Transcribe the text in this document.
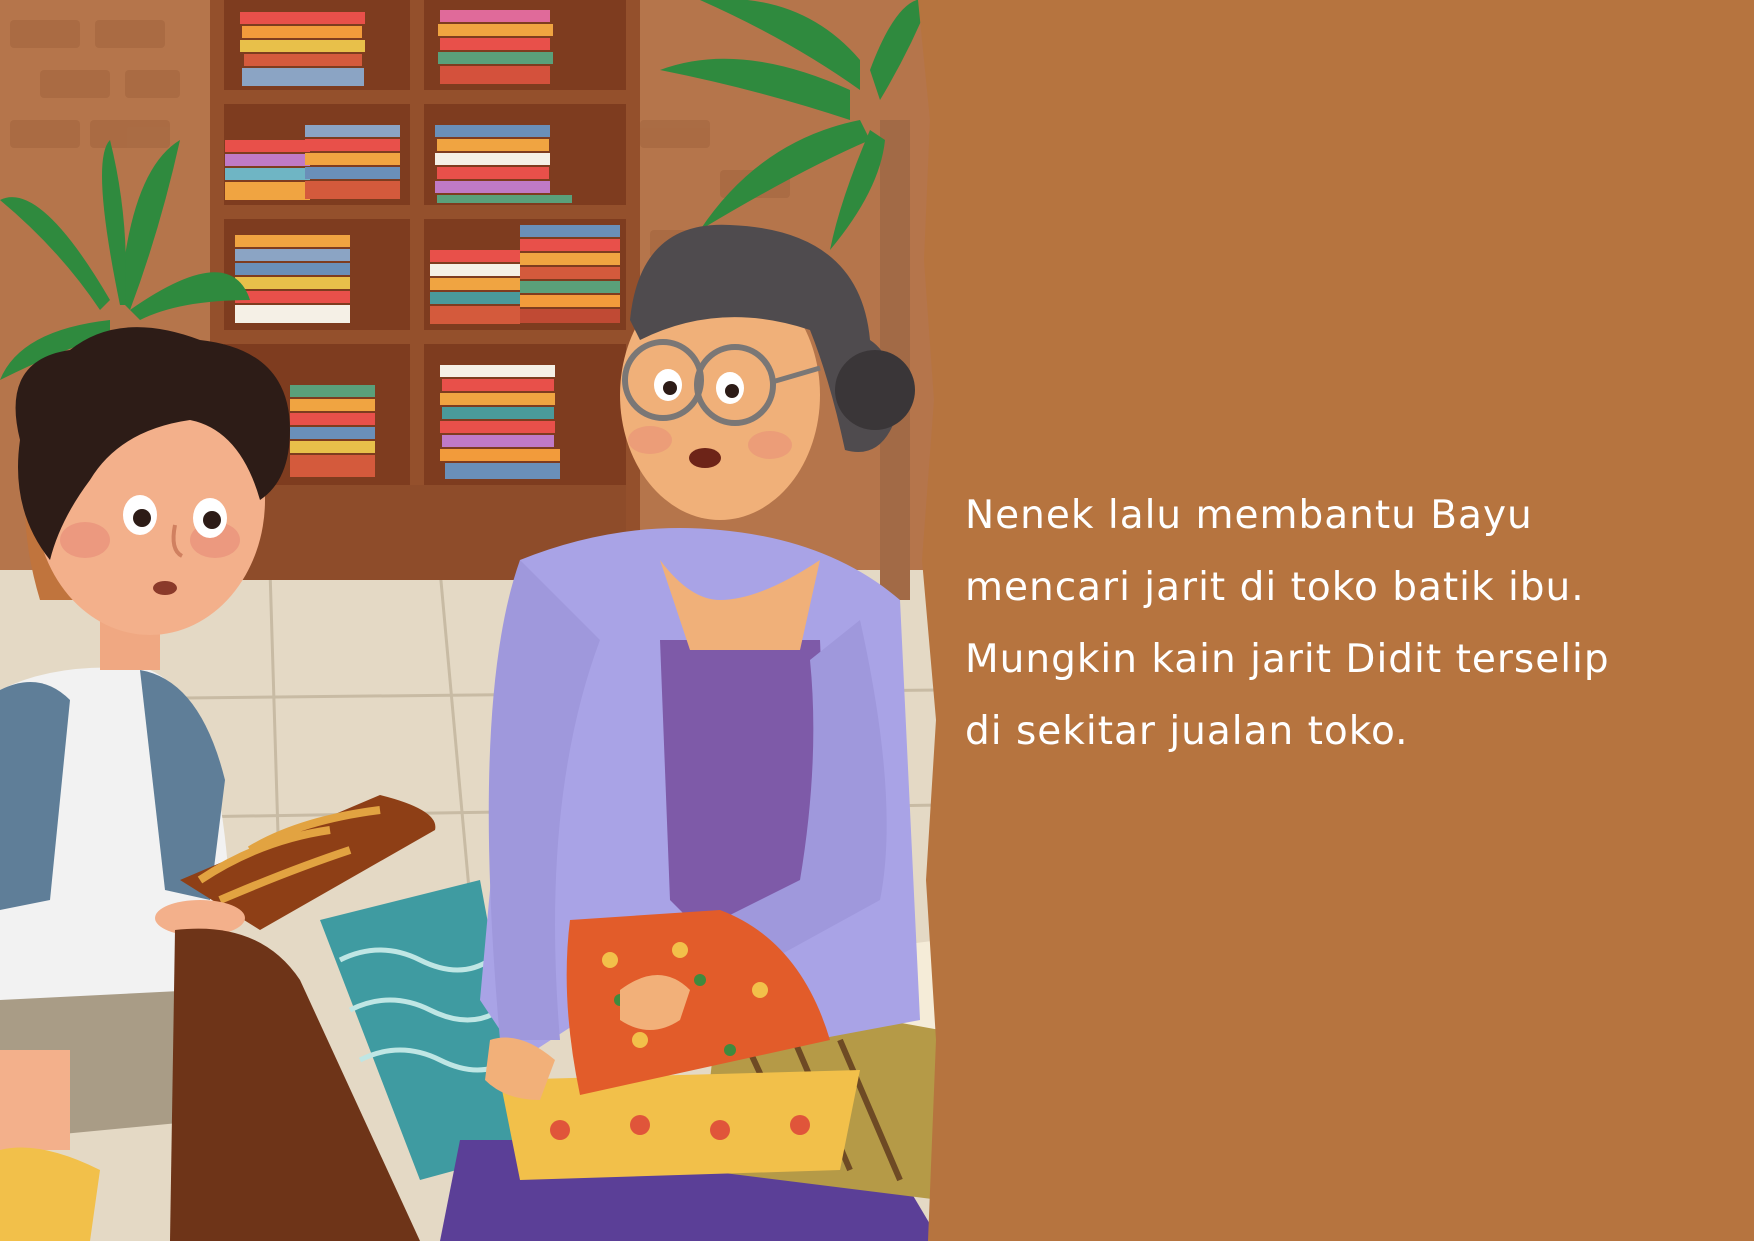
Nenek lalu membantu Bayu
mencari jarit di toko batik ibu.
Mungkin kain jarit Didit terselip
di sekitar jualan toko.
